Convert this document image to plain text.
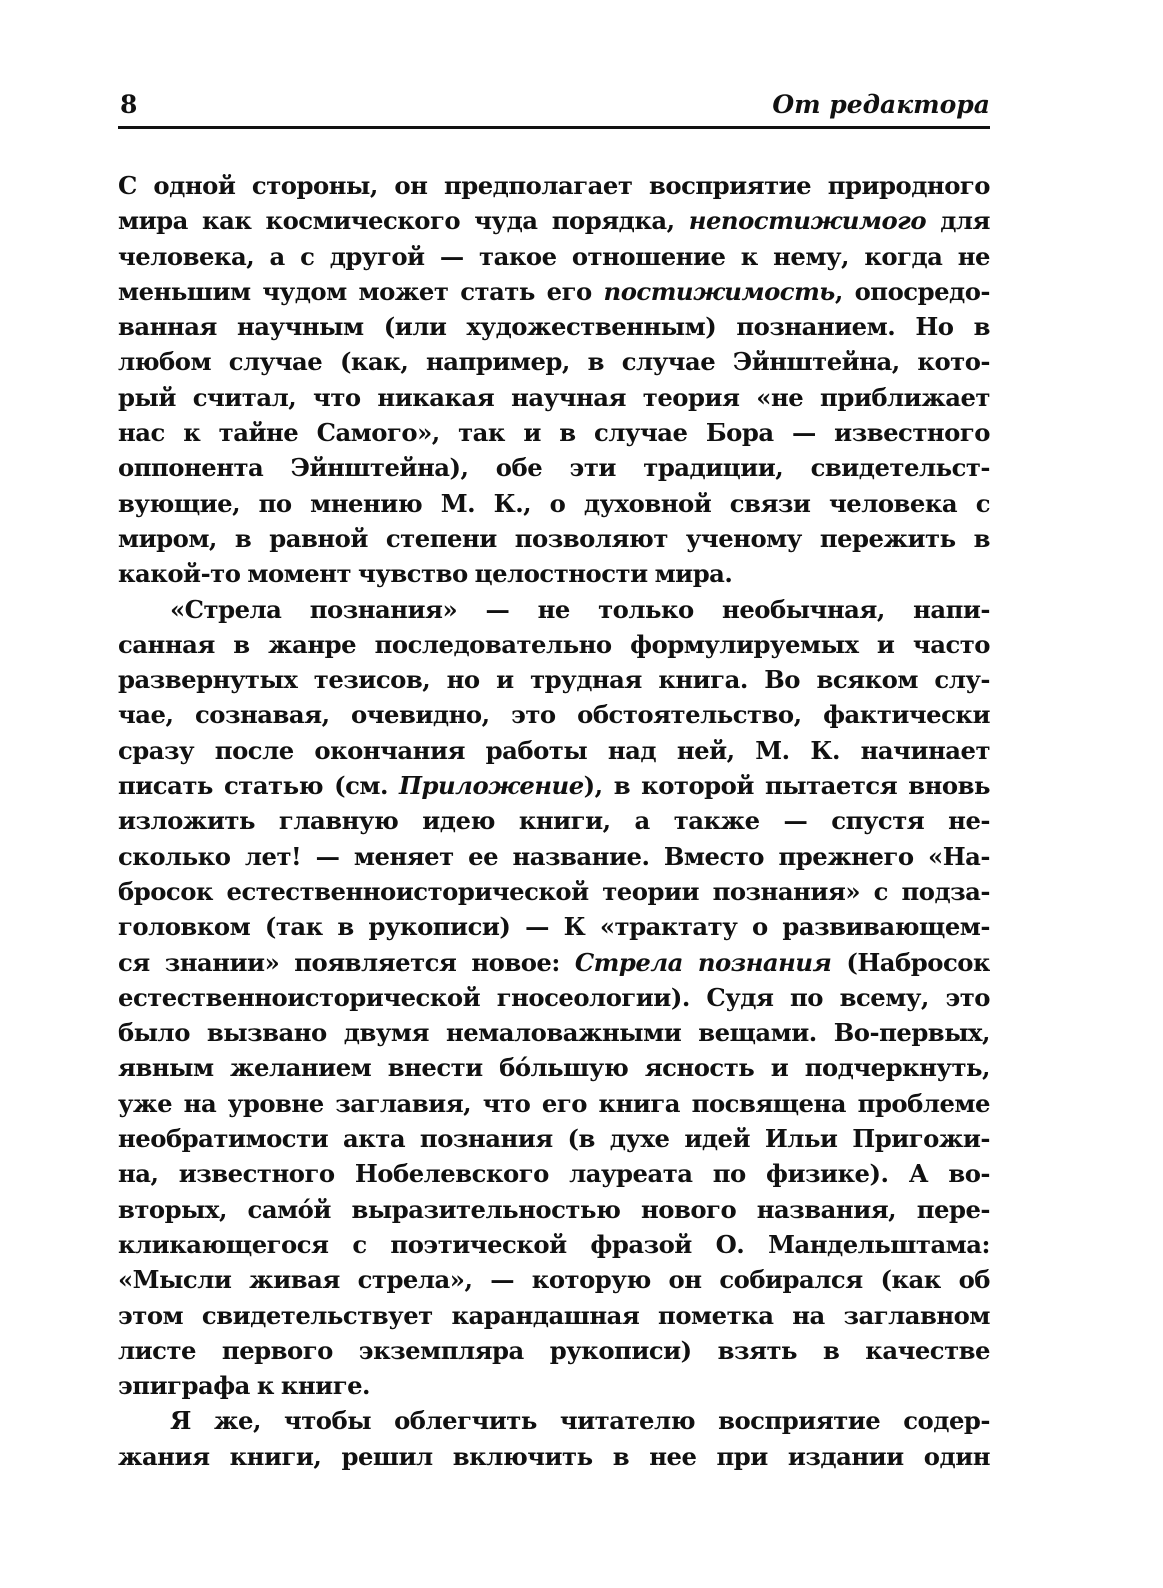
8	От редактора
С одной стороны, он предполагает восприятие природного
мира как космического чуда порядка, непостижимого для
человека, а с другой — такое отношение к нему, когда не
меньшим чудом может стать его постижимость, опосредо-
ванная научным (или художественным) познанием. Но в
любом случае (как, например, в случае Эйнштейна, кото-
рый считал, что никакая научная теория «не приближает
нас к тайне Самого», так и в случае Бора — известного
оппонента Эйнштейна), обе эти традиции, свидетельст-
вующие, по мнению М. К., о духовной связи человека с
миром, в равной степени позволяют ученому пережить в
какой-то момент чувство целостности мира.
«Стрела познания» — не только необычная, напи-
санная в жанре последовательно формулируемых и часто
развернутых тезисов, но и трудная книга. Во всяком слу-
чае, сознавая, очевидно, это обстоятельство, фактически
сразу после окончания работы над ней, М. К. начинает
писать статью (см. Приложение), в которой пытается вновь
изложить главную идею книги, а также — спустя не-
сколько лет! — меняет ее название. Вместо прежнего «На-
бросок естественноисторической теории познания» с подза-
головком (так в рукописи) — К «трактату о развивающем-
ся знании» появляется новое: Стрела познания (Набросок
естественноисторической гносеологии). Судя по всему, это
было вызвано двумя немаловажными вещами. Во-первых,
явным желанием внести бóльшую ясность и подчеркнуть,
уже на уровне заглавия, что его книга посвящена проблеме
необратимости акта познания (в духе идей Ильи Пригожи-
на, известного Нобелевского лауреата по физике). А во-
вторых, самóй выразительностью нового названия, пере-
кликающегося с поэтической фразой О. Мандельштама:
«Мысли живая стрела», — которую он собирался (как об
этом свидетельствует карандашная пометка на заглавном
листе первого экземпляра рукописи) взять в качестве
эпиграфа к книге.
Я же, чтобы облегчить читателю восприятие содер-
жания книги, решил включить в нее при издании один
